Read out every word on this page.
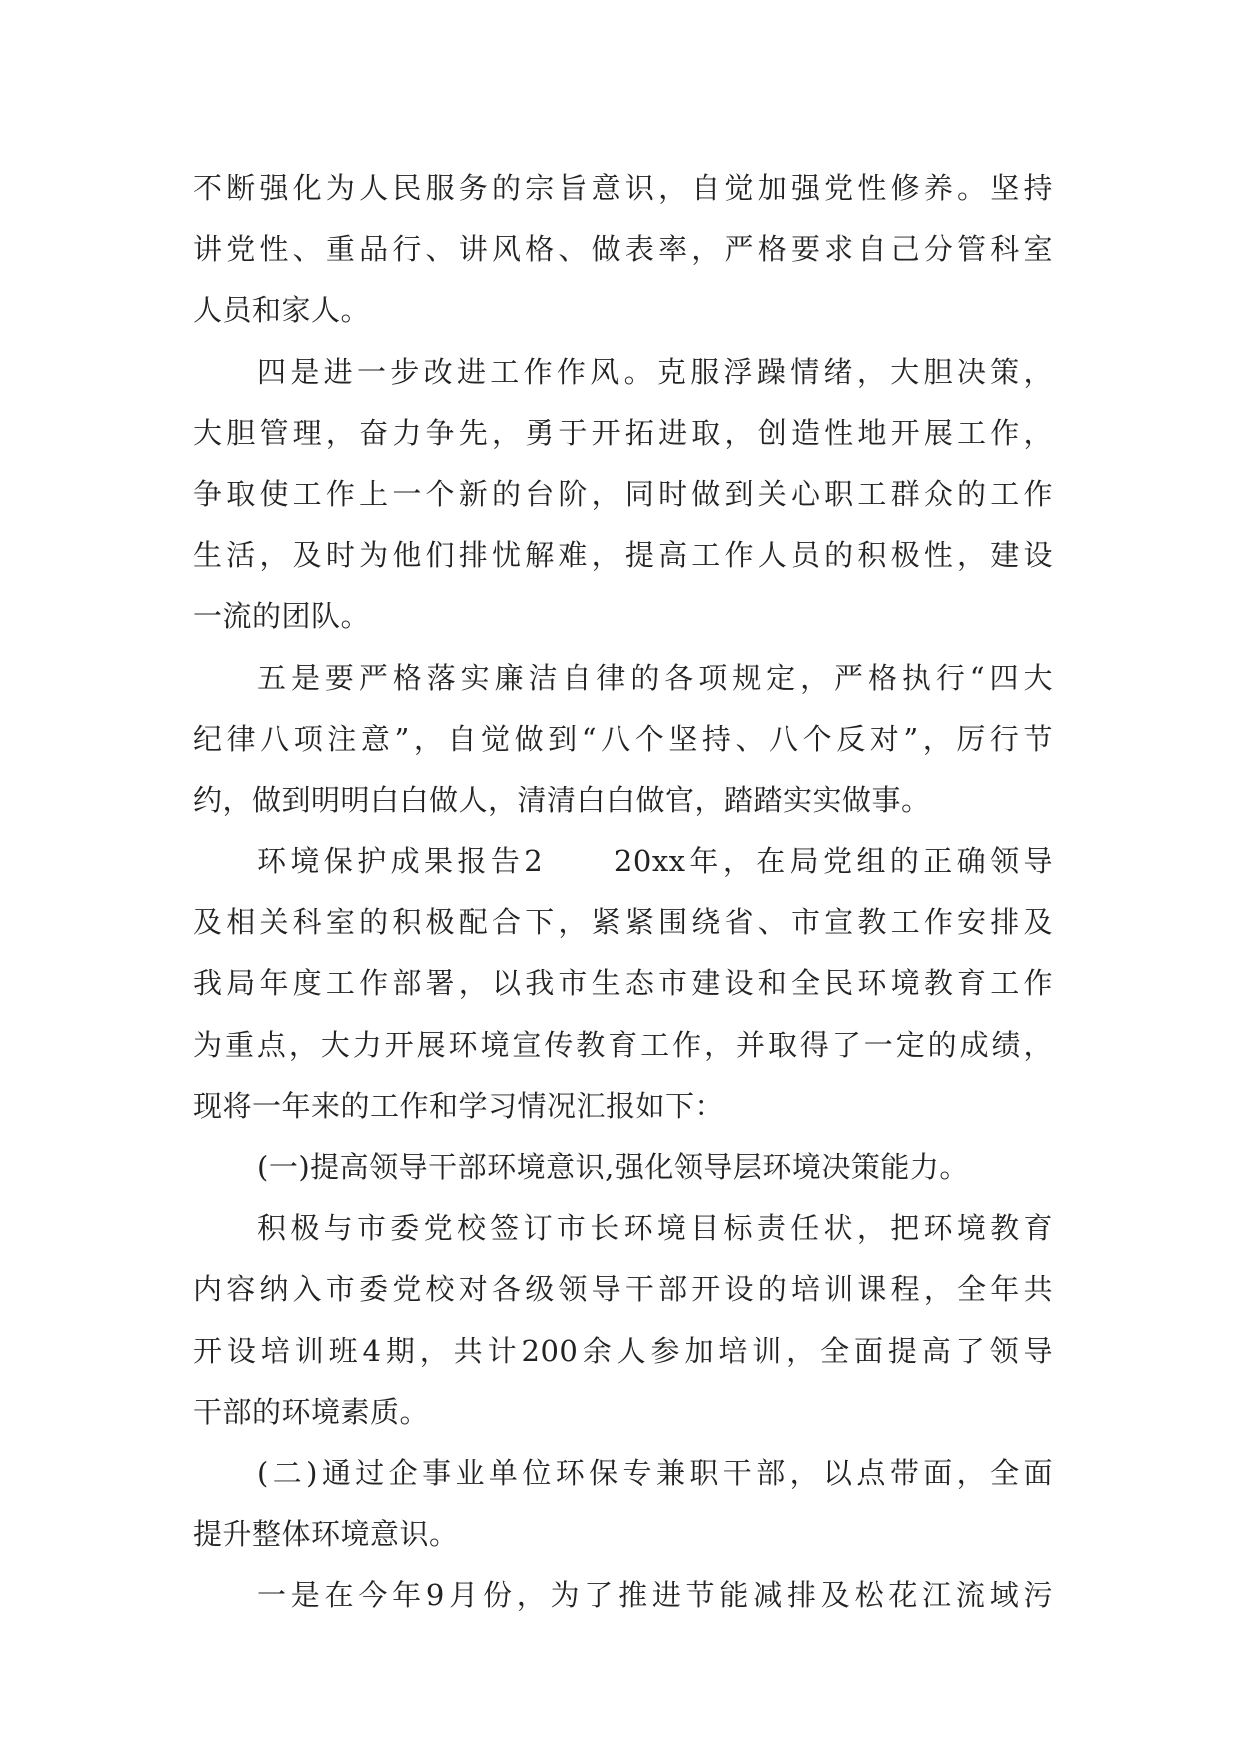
不断强化为人民服务的宗旨意识，自觉加强党性修养。坚持
讲党性、重品行、讲风格、做表率，严格要求自己分管科室
人员和家人。
四是进一步改进工作作风。克服浮躁情绪，大胆决策，
大胆管理，奋力争先，勇于开拓进取，创造性地开展工作，
争取使工作上一个新的台阶，同时做到关心职工群众的工作
生活，及时为他们排忧解难，提高工作人员的积极性，建设
一流的团队。
五是要严格落实廉洁自律的各项规定，严格执行“四大
纪律八项注意”，自觉做到“八个坚持、八个反对”，厉行节
约，做到明明白白做人，清清白白做官，踏踏实实做事。
环境保护成果报告2　　20xx年，在局党组的正确领导
及相关科室的积极配合下，紧紧围绕省、市宣教工作安排及
我局年度工作部署，以我市生态市建设和全民环境教育工作
为重点，大力开展环境宣传教育工作，并取得了一定的成绩，
现将一年来的工作和学习情况汇报如下：
(一)提高领导干部环境意识,强化领导层环境决策能力。
积极与市委党校签订市长环境目标责任状，把环境教育
内容纳入市委党校对各级领导干部开设的培训课程，全年共
开设培训班4期，共计200余人参加培训，全面提高了领导
干部的环境素质。
(二)通过企事业单位环保专兼职干部，以点带面，全面
提升整体环境意识。
一是在今年9月份，为了推进节能减排及松花江流域污
